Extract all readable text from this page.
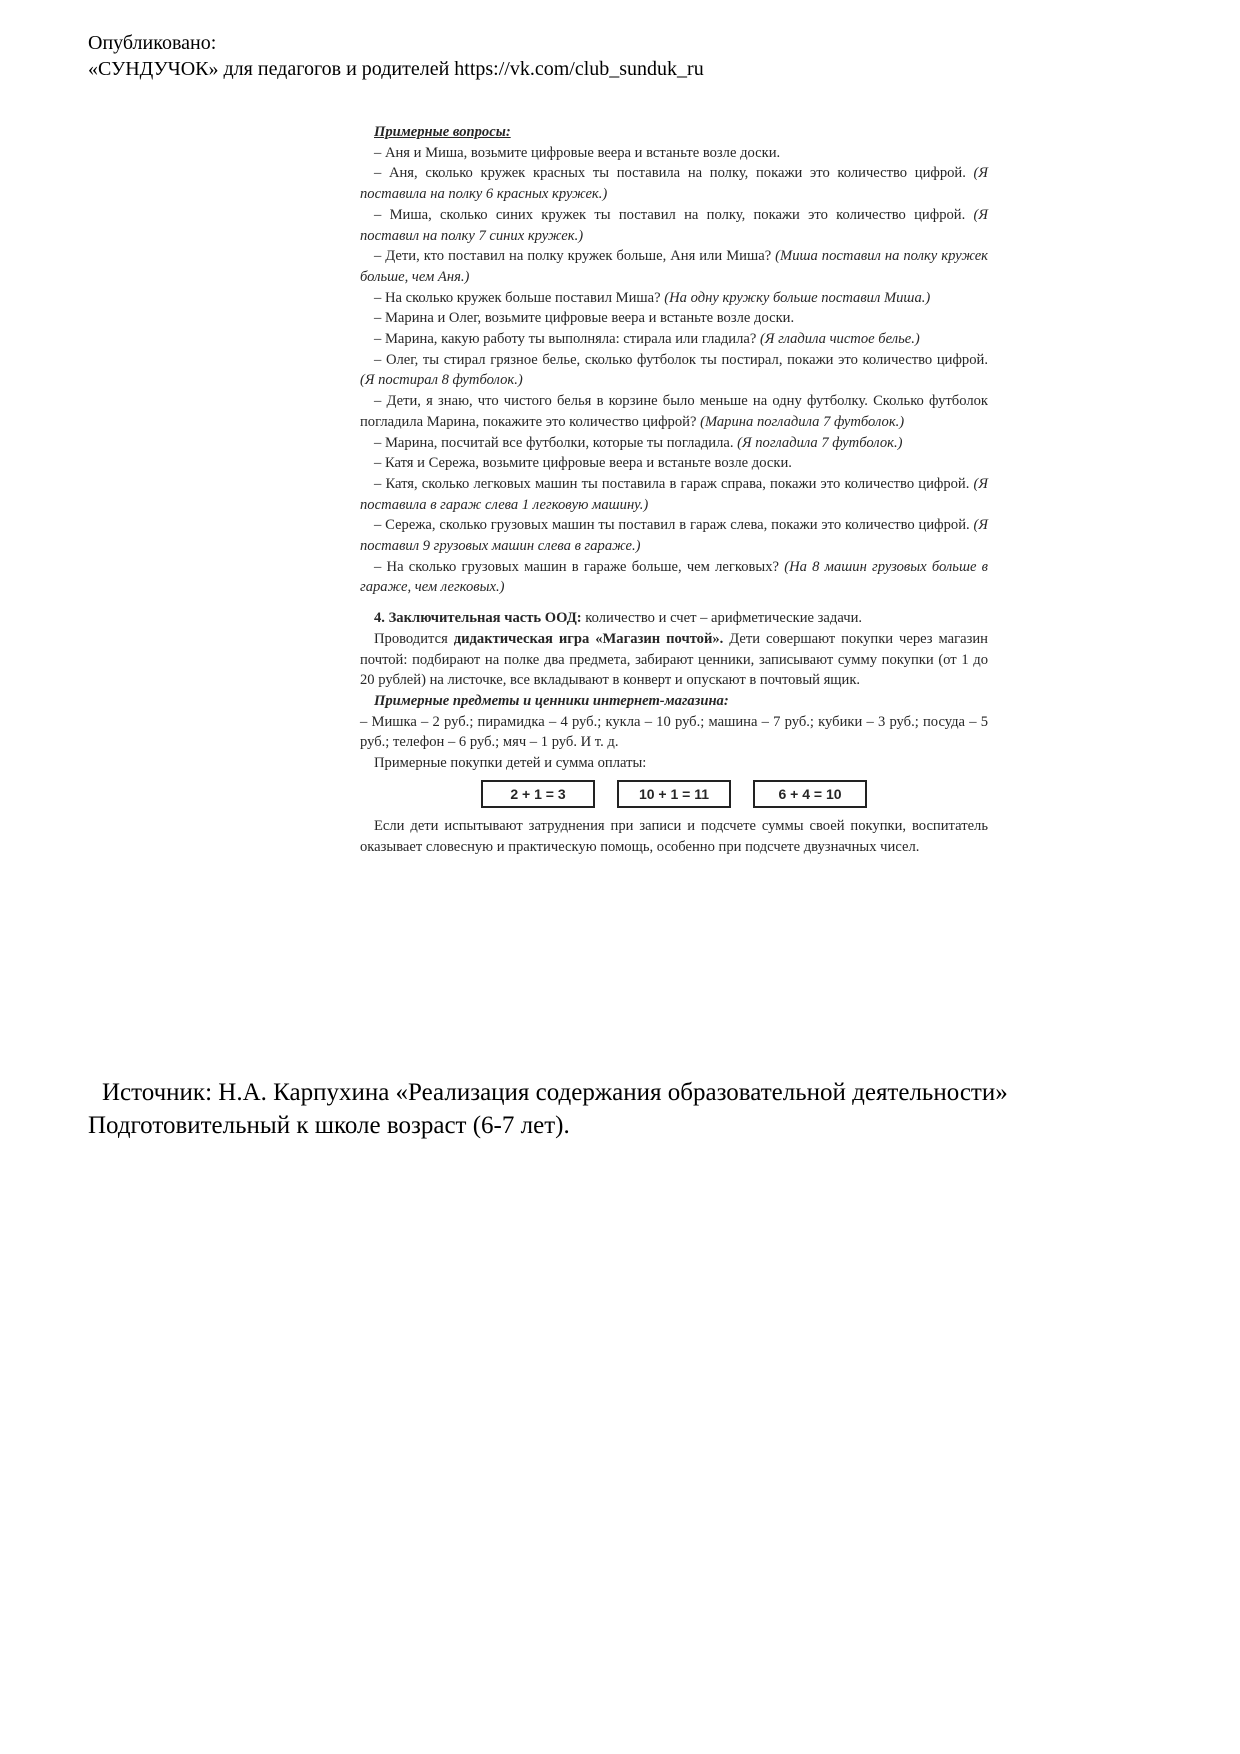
Опубликовано:
«СУНДУЧОК» для педагогов и родителей https://vk.com/club_sunduk_ru

Примерные вопросы:

– Аня и Миша, возьмите цифровые веера и встаньте возле доски.

– Аня, сколько кружек красных ты поставила на полку, покажи это количество цифрой. (Я поставила на полку 6 красных кружек.)

– Миша, сколько синих кружек ты поставил на полку, покажи это количество цифрой. (Я поставил на полку 7 синих кружек.)

– Дети, кто поставил на полку кружек больше, Аня или Миша? (Миша поставил на полку кружек больше, чем Аня.)

– На сколько кружек больше поставил Миша? (На одну кружку больше поставил Миша.)

– Марина и Олег, возьмите цифровые веера и встаньте возле доски.

– Марина, какую работу ты выполняла: стирала или гладила? (Я гладила чистое белье.)

– Олег, ты стирал грязное белье, сколько футболок ты постирал, покажи это количество цифрой. (Я постирал 8 футболок.)

– Дети, я знаю, что чистого белья в корзине было меньше на одну футболку. Сколько футболок погладила Марина, покажите это количество цифрой? (Марина погладила 7 футболок.)

– Марина, посчитай все футболки, которые ты погладила. (Я погладила 7 футболок.)

– Катя и Сережа, возьмите цифровые веера и встаньте возле доски.

– Катя, сколько легковых машин ты поставила в гараж справа, покажи это количество цифрой. (Я поставила в гараж слева 1 легковую машину.)

– Сережа, сколько грузовых машин ты поставил в гараж слева, покажи это количество цифрой. (Я поставил 9 грузовых машин слева в гараже.)

– На сколько грузовых машин в гараже больше, чем легковых? (На 8 машин грузовых больше в гараже, чем легковых.)

4. Заключительная часть ООД: количество и счет – арифметические задачи.

Проводится дидактическая игра «Магазин почтой». Дети совершают покупки через магазин почтой: подбирают на полке два предмета, забирают ценники, записывают сумму покупки (от 1 до 20 рублей) на листочке, все вкладывают в конверт и опускают в почтовый ящик.

Примерные предметы и ценники интернет-магазина:

– Мишка – 2 руб.; пирамидка – 4 руб.; кукла – 10 руб.; машина – 7 руб.; кубики – 3 руб.; посуда – 5 руб.; телефон – 6 руб.; мяч – 1 руб. И т. д.

Примерные покупки детей и сумма оплаты:

2 + 1 = 3	10 + 1 = 11	6 + 4 = 10

Если дети испытывают затруднения при записи и подсчете суммы своей покупки, воспитатель оказывает словесную и практическую помощь, особенно при подсчете двузначных чисел.

Источник: Н.А. Карпухина «Реализация содержания образовательной деятельности»
Подготовительный к школе возраст (6-7 лет).
